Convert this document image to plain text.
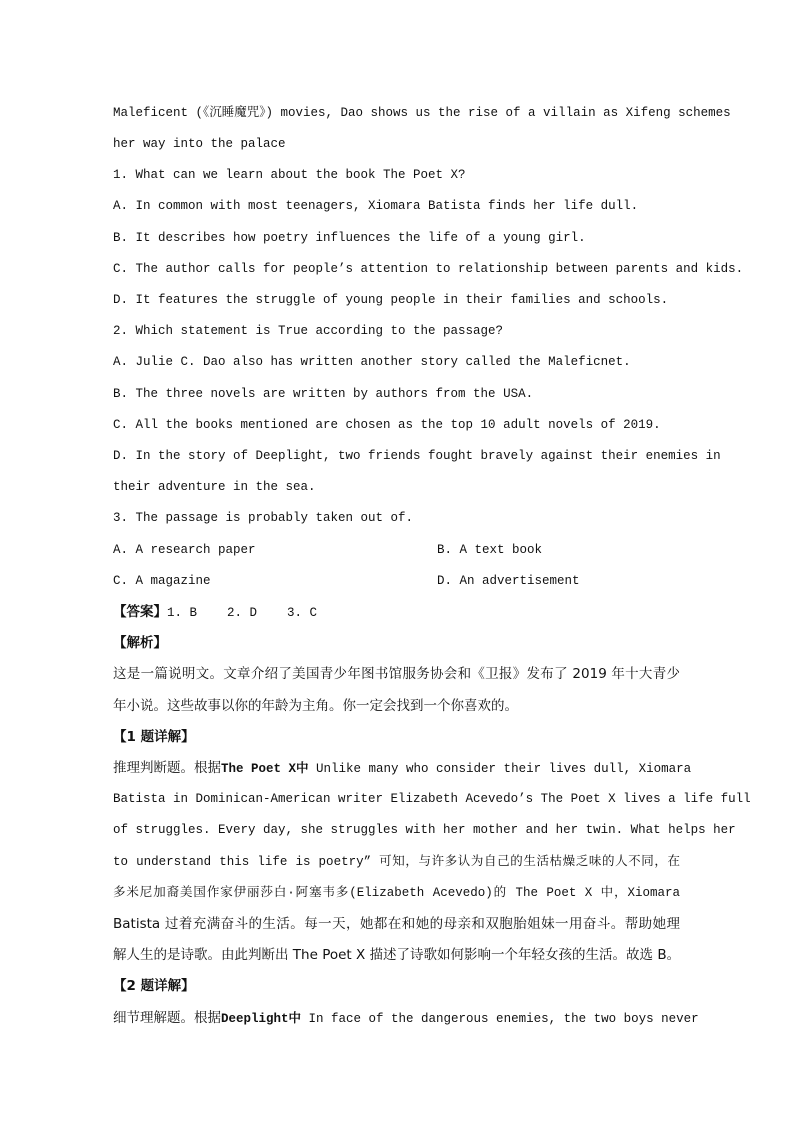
Maleficent (《沉睡魔咒》) movies, Dao shows us the rise of a villain as Xifeng schemes
her way into the palace
1. What can we learn about the book The Poet X?
A. In common with most teenagers, Xiomara Batista finds her life dull.
B. It describes how poetry influences the life of a young girl.
C. The author calls for people’s attention to relationship between parents and kids.
D. It features the struggle of young people in their families and schools.
2. Which statement is True according to the passage?
A. Julie C. Dao also has written another story called the Maleficnet.
B. The three novels are written by authors from the USA.
C. All the books mentioned are chosen as the top 10 adult novels of 2019.
D. In the story of Deeplight, two friends fought bravely against their enemies in
their adventure in the sea.
3. The passage is probably taken out of.
A. A research paper	B. A text book
C. A magazine	D. An advertisement
【答案】1. B    2. D    3. C
【解析】
这是一篇说明文。文章介绍了美国青少年图书馆服务协会和《卫报》发布了 2019 年十大青少
年小说。这些故事以你的年龄为主角。你一定会找到一个你喜欢的。
【1 题详解】
推理判断题。根据The Poet X中 Unlike many who consider their lives dull, Xiomara
Batista in Dominican-American writer Elizabeth Acevedo’s The Poet X lives a life full
of struggles. Every day, she struggles with her mother and her twin. What helps her
to understand this life is poetry” 可知，与许多认为自己的生活枯燥乏味的人不同，在
多米尼加裔美国作家伊丽莎白·阿塞韦多(Elizabeth Acevedo)的 The Poet X 中，Xiomara
Batista 过着充满奋斗的生活。每一天，她都在和她的母亲和双胞胎姐妹一用奋斗。帮助她理
解人生的是诗歌。由此判断出 The Poet X 描述了诗歌如何影响一个年轻女孩的生活。故选 B。
【2 题详解】
细节理解题。根据Deeplight中 In face of the dangerous enemies, the two boys never
